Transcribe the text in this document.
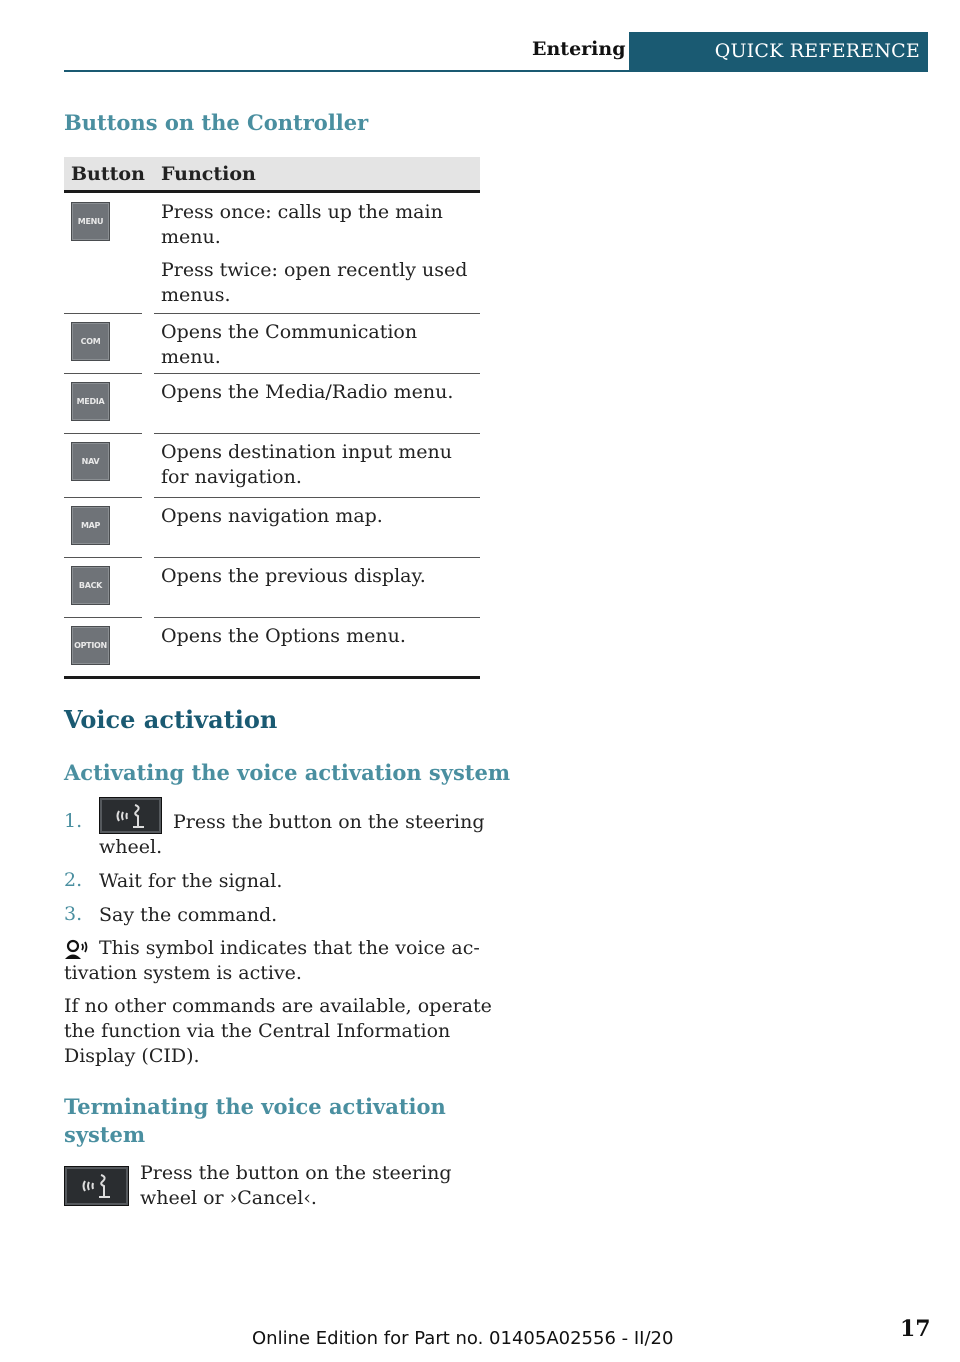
Entering	QUICK REFERENCE
Buttons on the Controller
Button Function
MENU	Press once: calls up the main menu.

Press twice: open recently used menus.

COM	Opens the Communication menu.

MEDIA	Opens the Media/Radio menu.

NAV	Opens destination input menu for navigation.

MAP	Opens navigation map.

BACK	Opens the previous display.

OPTION	Opens the Options menu.

Voice activation
Activating the voice activation system
1.	Press the button on the steering
wheel.
2. Wait for the signal.
3. Say the command.
This symbol indicates that the voice ac-
tivation system is active.
If no other commands are available, operate
the function via the Central Information
Display (CID).
Terminating the voice activation
system
Press the button on the steering
wheel or ›Cancel‹.
Online Edition for Part no. 01405A02556 - II/20	17
